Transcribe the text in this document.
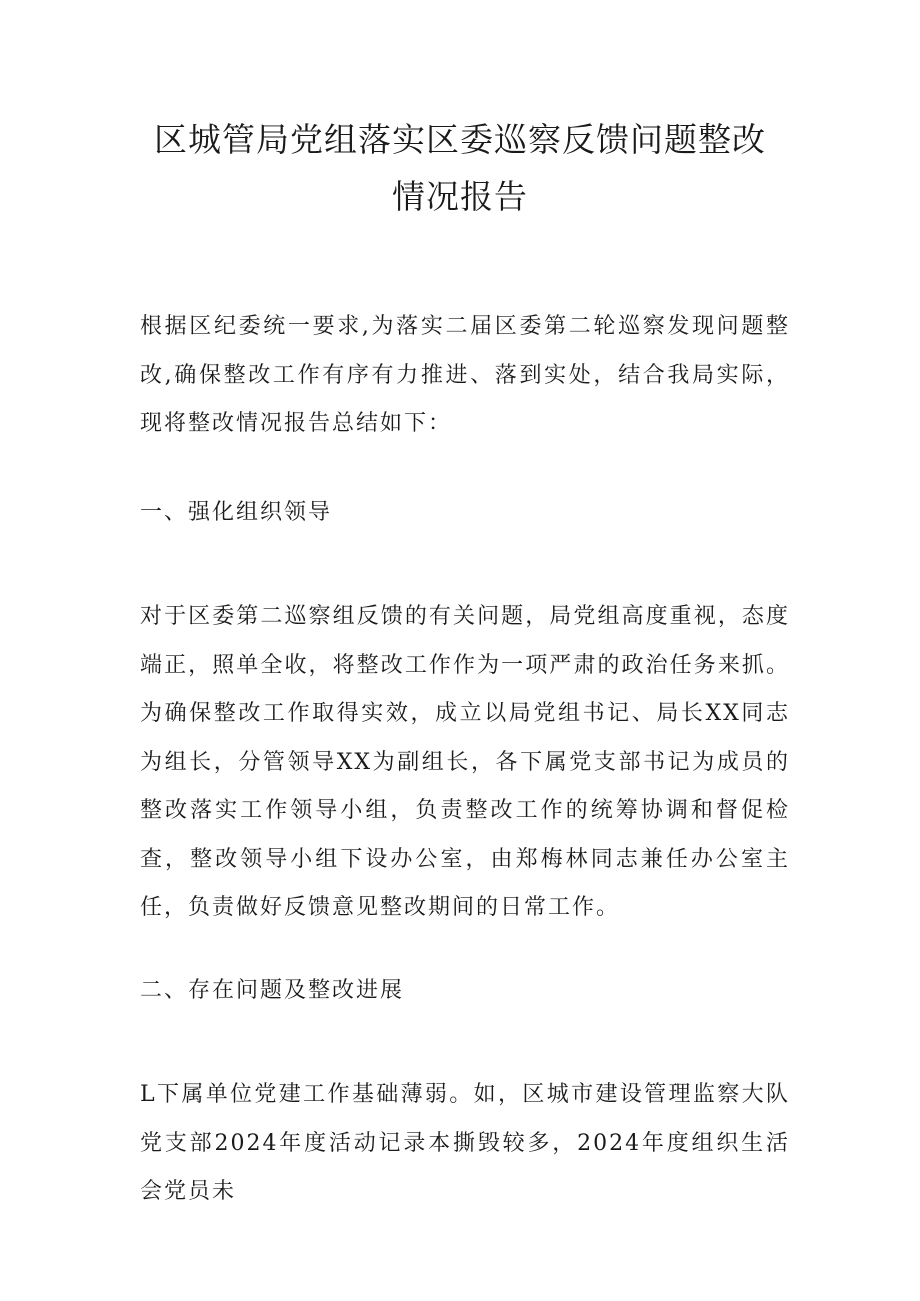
区城管局党组落实区委巡察反馈问题整改
情况报告

根据区纪委统一要求,为落实二届区委第二轮巡察发现问题整改,确保整改工作有序有力推进、落到实处，结合我局实际，现将整改情况报告总结如下：

一、强化组织领导

对于区委第二巡察组反馈的有关问题，局党组高度重视，态度端正，照单全收，将整改工作作为一项严肃的政治任务来抓。为确保整改工作取得实效，成立以局党组书记、局长XX同志为组长，分管领导XX为副组长，各下属党支部书记为成员的整改落实工作领导小组，负责整改工作的统筹协调和督促检查，整改领导小组下设办公室，由郑梅林同志兼任办公室主任，负责做好反馈意见整改期间的日常工作。

二、存在问题及整改进展

L下属单位党建工作基础薄弱。如，区城市建设管理监察大队党支部2024年度活动记录本撕毁较多，2024年度组织生活会党员未
